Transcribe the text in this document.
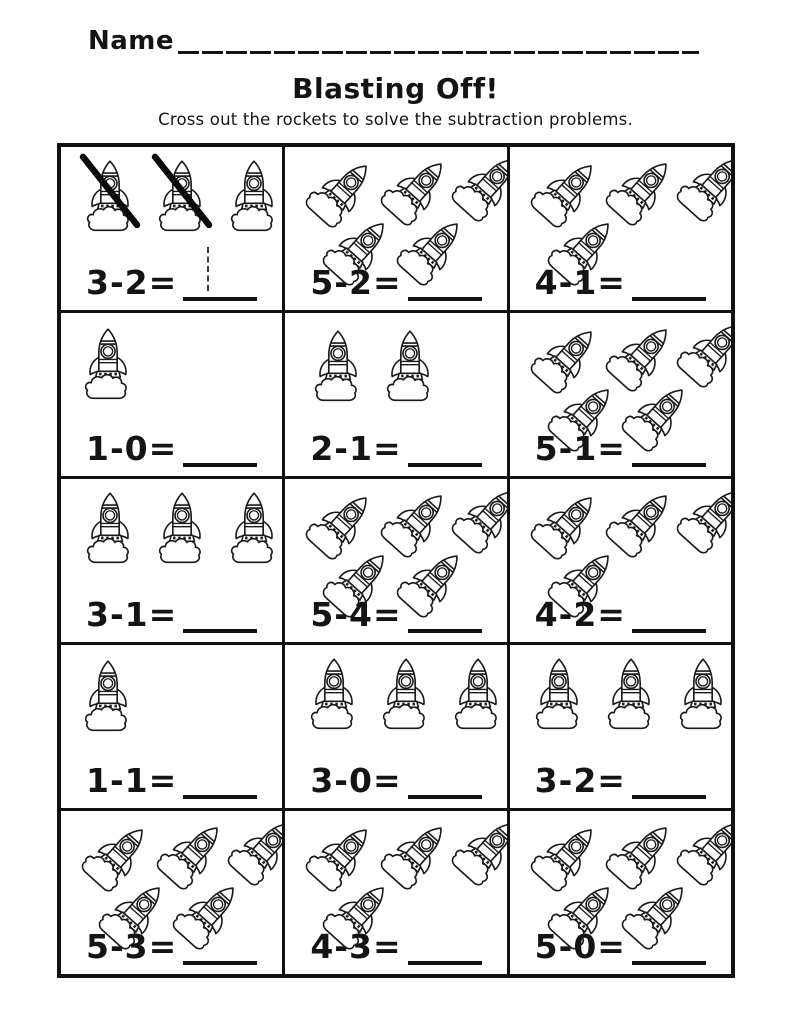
Name
Blasting Off!
Cross out the rockets to solve the subtraction problems.
3-2=	5-2=	4-1=
1-0=	2-1=	5-1=
3-1=	5-4=	4-2=
1-1=	3-0=	3-2=
5-3=	4-3=	5-0=
